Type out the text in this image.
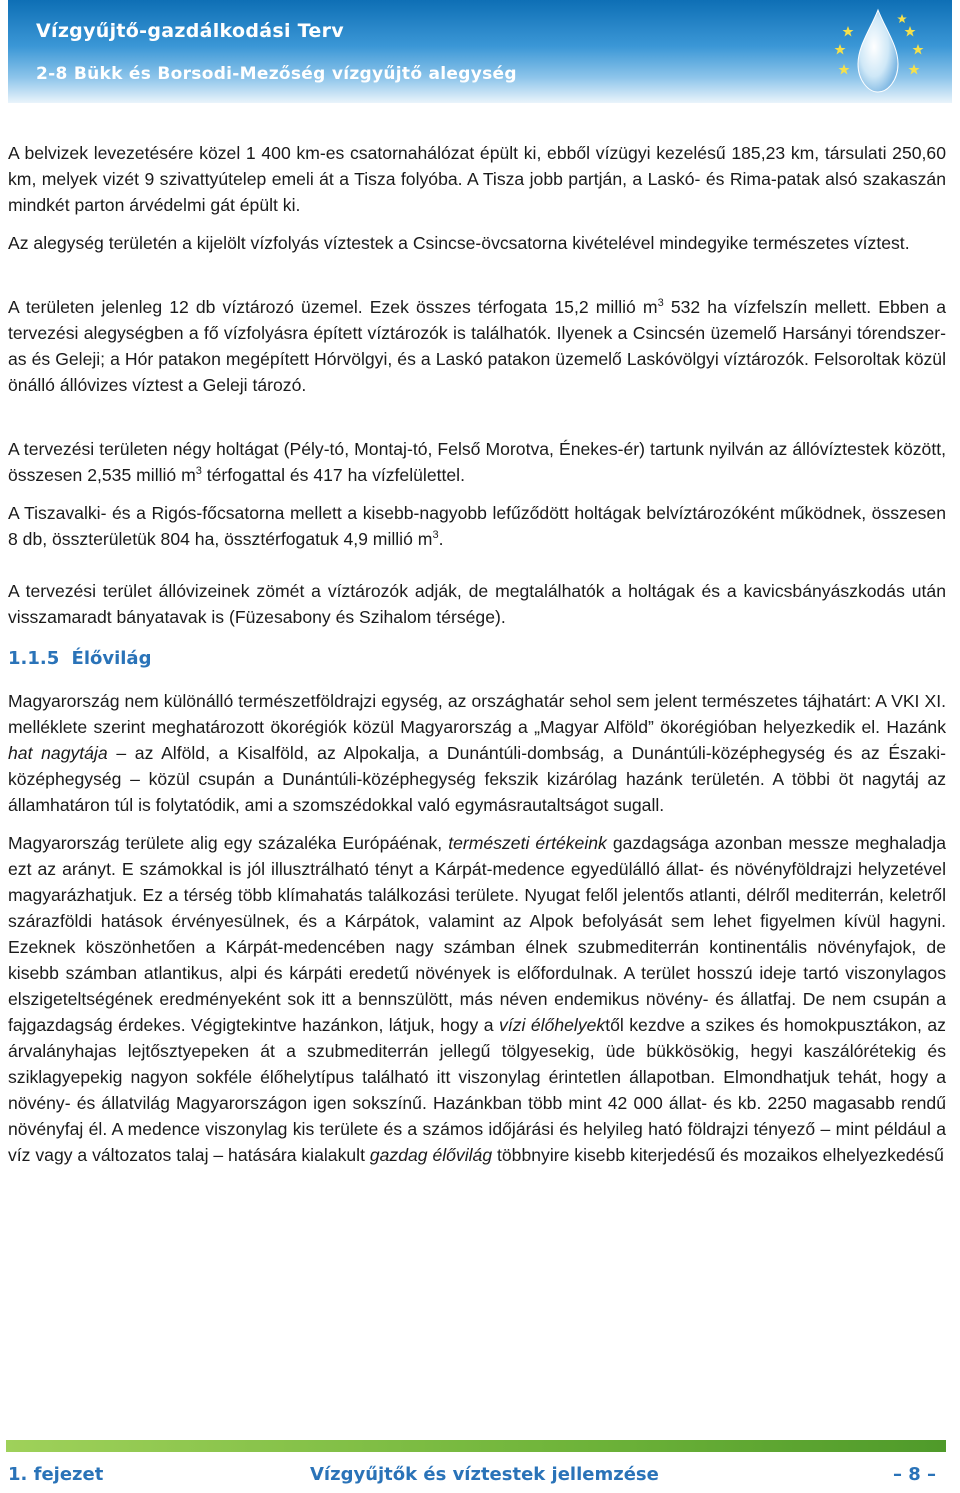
Vízgyűjtő-gazdálkodási Terv
2-8 Bükk és Borsodi-Mezőség vízgyűjtő alegység

A belvizek levezetésére közel 1 400 km-es csatornahálózat épült ki, ebből vízügyi kezelésű 185,23 km, társulati 250,60 km, melyek vizét 9 szivattyútelep emeli át a Tisza folyóba. A Tisza jobb partján, a Laskó- és Rima-patak alsó szakaszán mindkét parton árvédelmi gát épült ki.

Az alegység területén a kijelölt vízfolyás víztestek a Csincse-övcsatorna kivételével mindegyike természetes víztest.

A területen jelenleg 12 db víztározó üzemel. Ezek összes térfogata 15,2 millió $m^3$ 532 ha vízfelszín mellett. Ebben a tervezési alegységben a fő vízfolyásra épített víztározók is találhatók. Ilyenek a Csincsén üzemelő Harsányi tórendszer-as és Geleji; a Hór patakon megépített Hórvölgyi, és a Laskó patakon üzemelő Laskóvölgyi víztározók. Felsoroltak közül önálló állóvizes víztest a Geleji tározó.

A tervezési területen négy holtágat (Pély-tó, Montaj-tó, Felső Morotva, Énekes-ér) tartunk nyilván az állóvíztestek között, összesen 2,535 millió $m^3$ térfogattal és 417 ha vízfelülettel.

A Tiszavalki- és a Rigós-főcsatorna mellett a kisebb-nagyobb lefűződött holtágak belvíztározóként működnek, összesen 8 db, összterületük 804 ha, össztérfogatuk 4,9 millió $m^3$.

A tervezési terület állóvizeinek zömét a víztározók adják, de megtalálhatók a holtágak és a kavicsbányászkodás után visszamaradt bányatavak is (Füzesabony és Szihalom térsége).

1.1.5 Élővilág

Magyarország nem különálló természetföldrajzi egység, az országhatár sehol sem jelent természetes tájhatárt: A VKI XI. melléklete szerint meghatározott ökorégiók közül Magyarország a „Magyar Alföld” ökorégióban helyezkedik el. Hazánk hat nagytája – az Alföld, a Kisalföld, az Alpokalja, a Dunántúli-dombság, a Dunántúli-középhegység és az Északi-középhegység – közül csupán a Dunántúli-középhegység fekszik kizárólag hazánk területén. A többi öt nagytáj az államhatáron túl is folytatódik, ami a szomszédokkal való egymásrautaltságot sugall.

Magyarország területe alig egy százaléka Európáénak, természeti értékeink gazdagsága azonban messze meghaladja ezt az arányt. E számokkal is jól illusztrálható tényt a Kárpát-medence egyedülálló állat- és növényföldrajzi helyzetével magyarázhatjuk. Ez a térség több klímahatás találkozási területe. Nyugat felől jelentős atlanti, délről mediterrán, keletről szárazföldi hatások érvényesülnek, és a Kárpátok, valamint az Alpok befolyását sem lehet figyelmen kívül hagyni. Ezeknek köszönhetően a Kárpát-medencében nagy számban élnek szubmediterrán kontinentális növényfajok, de kisebb számban atlantikus, alpi és kárpáti eredetű növények is előfordulnak. A terület hosszú ideje tartó viszonylagos elszigeteltségének eredményeként sok itt a bennszülött, más néven endemikus növény- és állatfaj. De nem csupán a fajgazdagság érdekes. Végigtekintve hazánkon, látjuk, hogy a vízi élőhelyektől kezdve a szikes és homokpusztákon, az árvalányhajas lejtősztyepeken át a szubmediterrán jellegű tölgyesekig, üde bükkösökig, hegyi kaszálórétekig és sziklagyepekig nagyon sokféle élőhelytípus található itt viszonylag érintetlen állapotban. Elmondhatjuk tehát, hogy a növény- és állatvilág Magyarországon igen sokszínű. Hazánkban több mint 42 000 állat- és kb. 2250 magasabb rendű növényfaj él. A medence viszonylag kis területe és a számos időjárási és helyileg ható földrajzi tényező – mint például a víz vagy a változatos talaj – hatására kialakult gazdag élővilág többnyire kisebb kiterjedésű és mozaikos elhelyezkedésű

1. fejezet	Vízgyűjtők és víztestek jellemzése	– 8 –
